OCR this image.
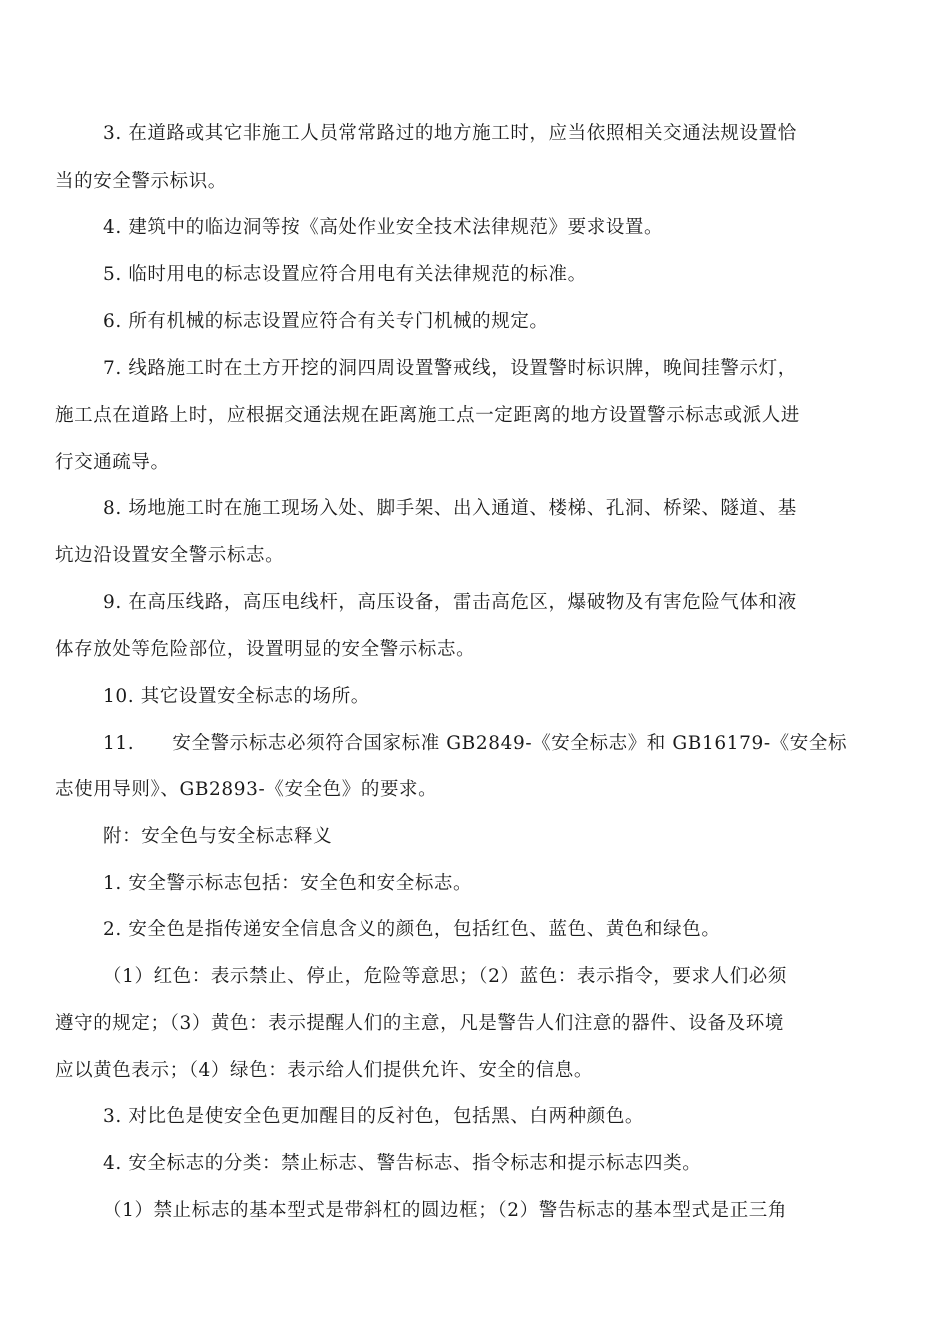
3. 在道路或其它非施工人员常常路过的地方施工时，应当依照相关交通法规设置恰
当的安全警示标识。
4. 建筑中的临边洞等按《高处作业安全技术法律规范》要求设置。
5. 临时用电的标志设置应符合用电有关法律规范的标准。
6. 所有机械的标志设置应符合有关专门机械的规定。
7. 线路施工时在土方开挖的洞四周设置警戒线，设置警时标识牌，晚间挂警示灯，
施工点在道路上时，应根据交通法规在距离施工点一定距离的地方设置警示标志或派人进
行交通疏导。
8. 场地施工时在施工现场入处、脚手架、出入通道、楼梯、孔洞、桥梁、隧道、基
坑边沿设置安全警示标志。
9. 在高压线路，高压电线杆，高压设备，雷击高危区，爆破物及有害危险气体和液
体存放处等危险部位，设置明显的安全警示标志。
10. 其它设置安全标志的场所。
11.　　安全警示标志必须符合国家标准 GB2849-《安全标志》和 GB16179-《安全标
志使用导则》、GB2893-《安全色》的要求。
附：安全色与安全标志释义
1. 安全警示标志包括：安全色和安全标志。
2. 安全色是指传递安全信息含义的颜色，包括红色、蓝色、黄色和绿色。
（1）红色：表示禁止、停止，危险等意思；（2）蓝色：表示指令，要求人们必须
遵守的规定；（3）黄色：表示提醒人们的主意，凡是警告人们注意的器件、设备及环境
应以黄色表示；（4）绿色：表示给人们提供允许、安全的信息。
3. 对比色是使安全色更加醒目的反衬色，包括黑、白两种颜色。
4. 安全标志的分类：禁止标志、警告标志、指令标志和提示标志四类。
（1）禁止标志的基本型式是带斜杠的圆边框；（2）警告标志的基本型式是正三角
